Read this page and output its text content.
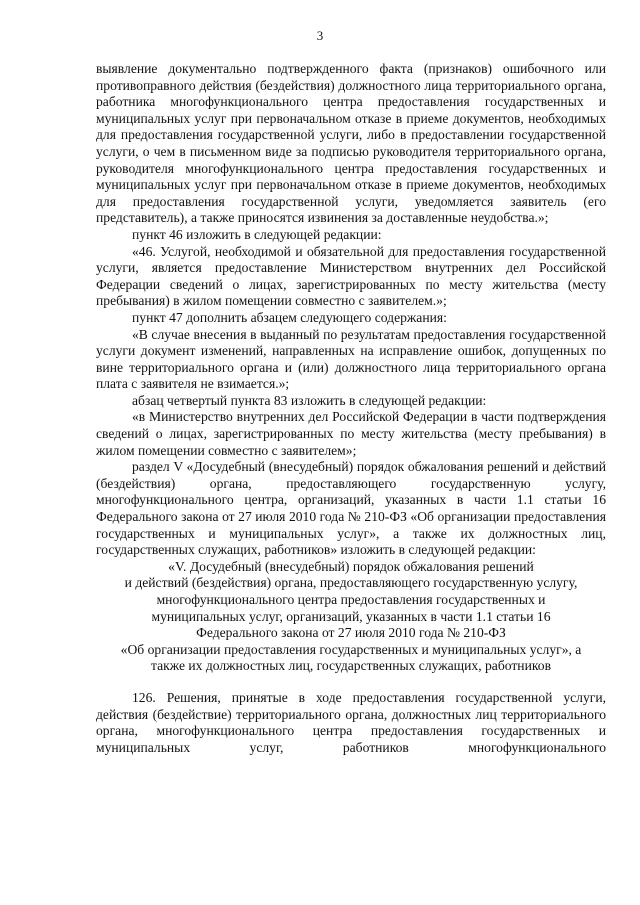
3

выявление документально подтвержденного факта (признаков) ошибочного или противоправного действия (бездействия) должностного лица территориального органа, работника многофункционального центра предоставления государственных и муниципальных услуг при первоначальном отказе в приеме документов, необходимых для предоставления государственной услуги, либо в предоставлении государственной услуги, о чем в письменном виде за подписью руководителя территориального органа, руководителя многофункционального центра предоставления государственных и муниципальных услуг при первоначальном отказе в приеме документов, необходимых для предоставления государственной услуги, уведомляется заявитель (его представитель), а также приносятся извинения за доставленные неудобства.»;

пункт 46 изложить в следующей редакции:

«46. Услугой, необходимой и обязательной для предоставления государственной услуги, является предоставление Министерством внутренних дел Российской Федерации сведений о лицах, зарегистрированных по месту жительства (месту пребывания) в жилом помещении совместно с заявителем.»;

пункт 47 дополнить абзацем следующего содержания:

«В случае внесения в выданный по результатам предоставления государственной услуги документ изменений, направленных на исправление ошибок, допущенных по вине территориального органа и (или) должностного лица территориального органа плата с заявителя не взимается.»;

абзац четвертый пункта 83 изложить в следующей редакции:

«в Министерство внутренних дел Российской Федерации в части подтверждения сведений о лицах, зарегистрированных по месту жительства (месту пребывания) в жилом помещении совместно с заявителем»;

раздел V «Досудебный (внесудебный) порядок обжалования решений и действий (бездействия) органа, предоставляющего государственную услугу, многофункционального центра, организаций, указанных в части 1.1 статьи 16 Федерального закона от 27 июля 2010 года № 210-ФЗ «Об организации предоставления государственных и муниципальных услуг», а также их должностных лиц, государственных служащих, работников» изложить в следующей редакции:

«V. Досудебный (внесудебный) порядок обжалования решений

и действий (бездействия) органа, предоставляющего государственную услугу,

многофункционального центра предоставления государственных и

муниципальных услуг, организаций, указанных в части 1.1 статьи 16

Федерального закона от 27 июля 2010 года № 210-ФЗ

«Об организации предоставления государственных и муниципальных услуг», а

также их должностных лиц, государственных служащих, работников

126. Решения, принятые в ходе предоставления государственной услуги, действия (бездействие) территориального органа, должностных лиц территориального органа, многофункционального центра предоставления государственных и муниципальных услуг, работников многофункционального
